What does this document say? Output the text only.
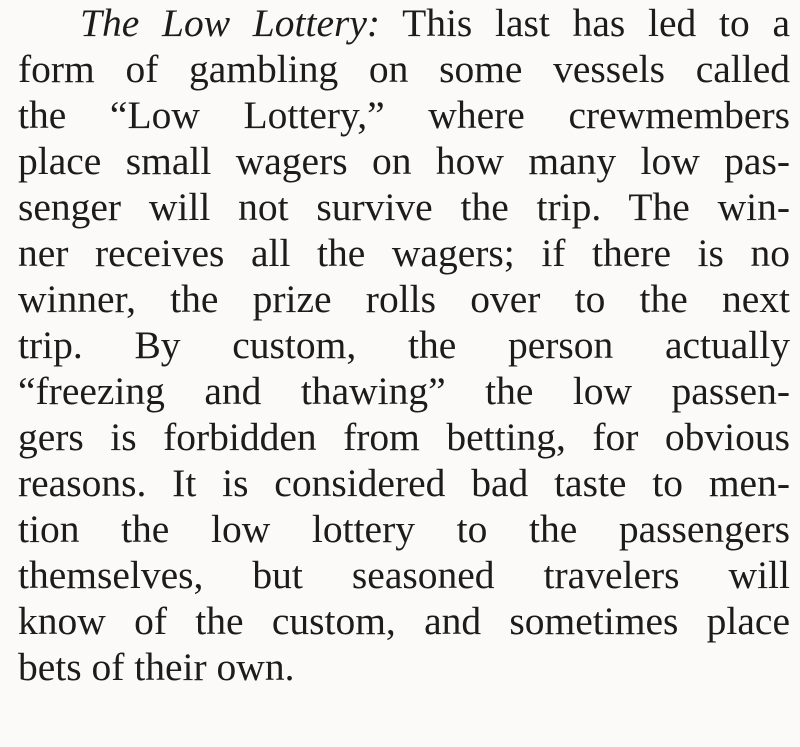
The Low Lottery: This last has led to a
form of gambling on some vessels called
the “Low Lottery,” where crewmembers
place small wagers on how many low pas-
senger will not survive the trip. The win-
ner receives all the wagers; if there is no
winner, the prize rolls over to the next
trip. By custom, the person actually
“freezing and thawing” the low passen-
gers is forbidden from betting, for obvious
reasons. It is considered bad taste to men-
tion the low lottery to the passengers
themselves, but seasoned travelers will
know of the custom, and sometimes place
bets of their own.
